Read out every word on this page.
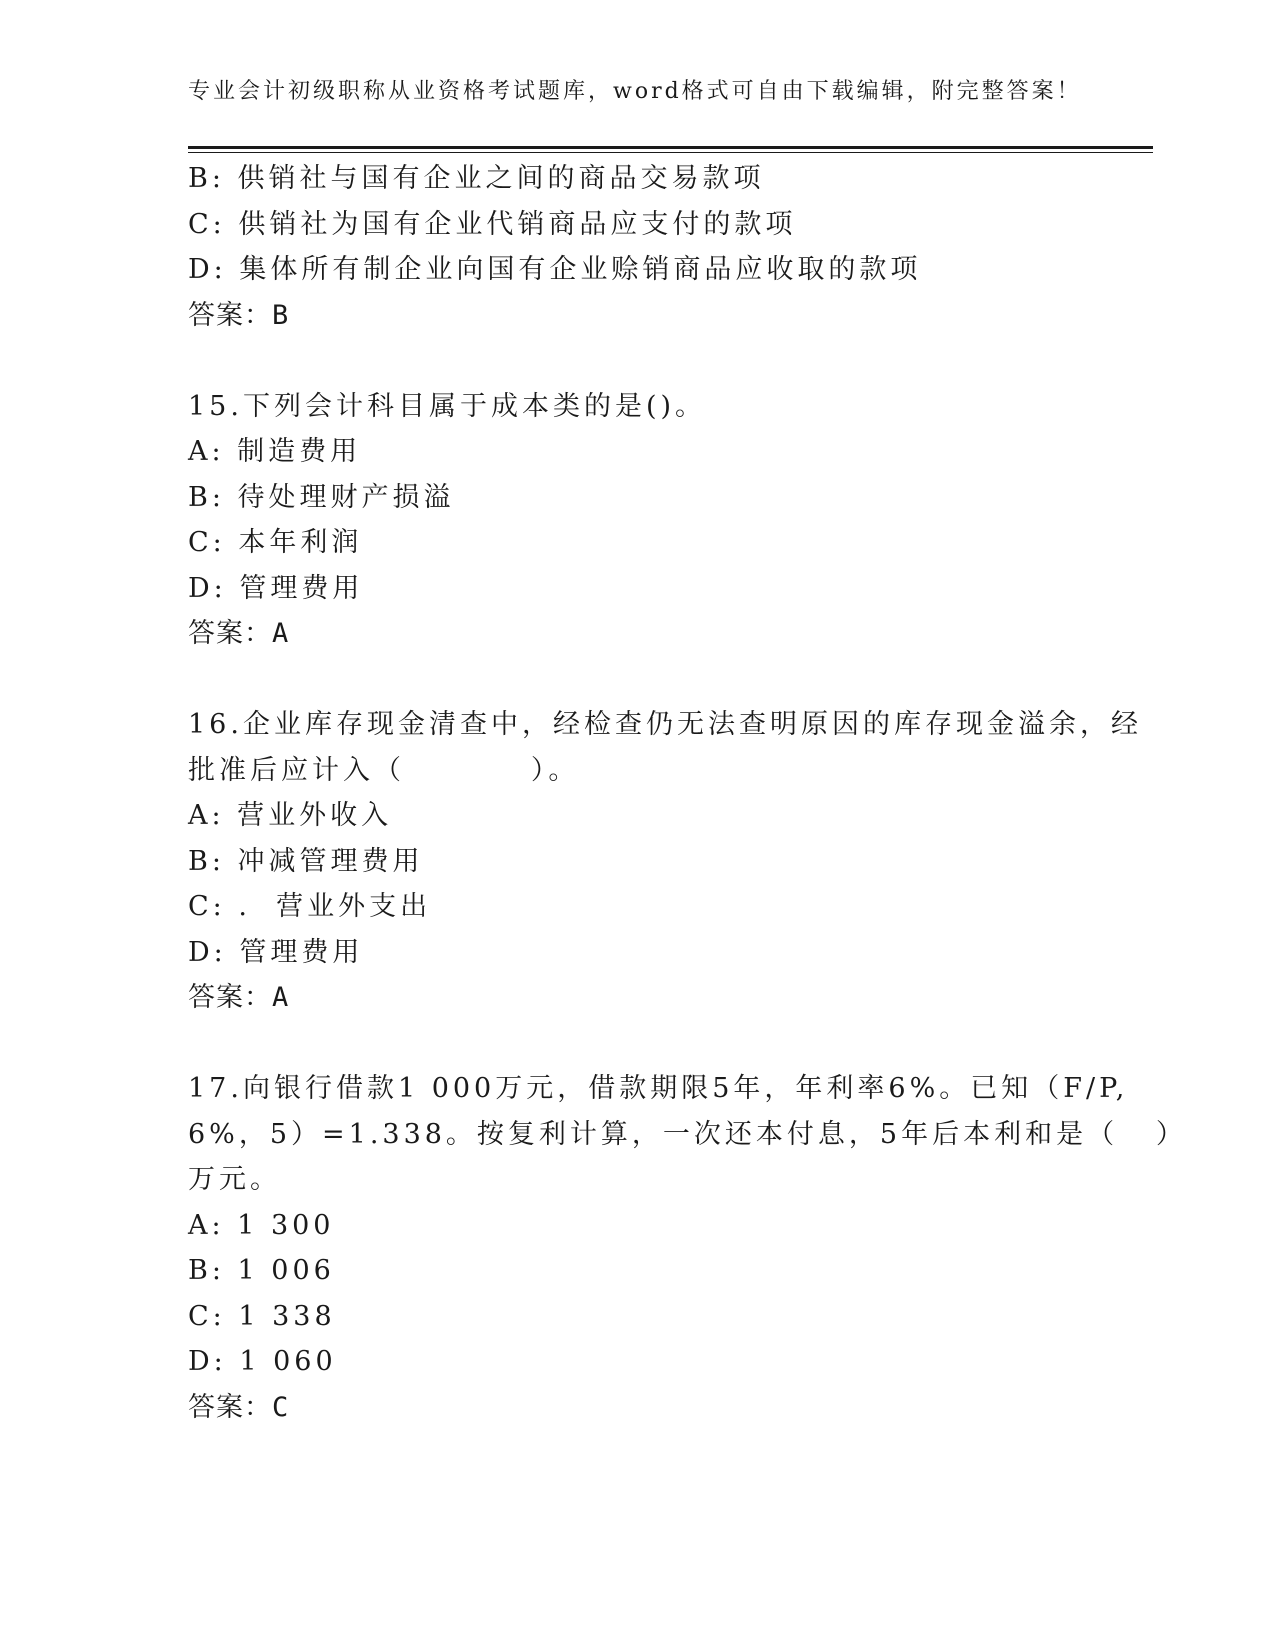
专业会计初级职称从业资格考试题库，word格式可自由下载编辑，附完整答案！
B: 供销社与国有企业之间的商品交易款项
C: 供销社为国有企业代销商品应支付的款项
D: 集体所有制企业向国有企业赊销商品应收取的款项
答案：B
15.下列会计科目属于成本类的是()。
A: 制造费用
B: 待处理财产损溢
C: 本年利润
D: 管理费用
答案：A
16.企业库存现金清查中，经检查仍无法查明原因的库存现金溢余，经
批准后应计入（          ）。
A: 营业外收入
B: 冲减管理费用
C: .  营业外支出
D: 管理费用
答案：A
17.向银行借款1 000万元，借款期限5年，年利率6%。已知（F/P,
6%，5）=1.338。按复利计算，一次还本付息，5年后本利和是（   ）
万元。
A: 1 300
B: 1 006
C: 1 338
D: 1 060
答案：C
